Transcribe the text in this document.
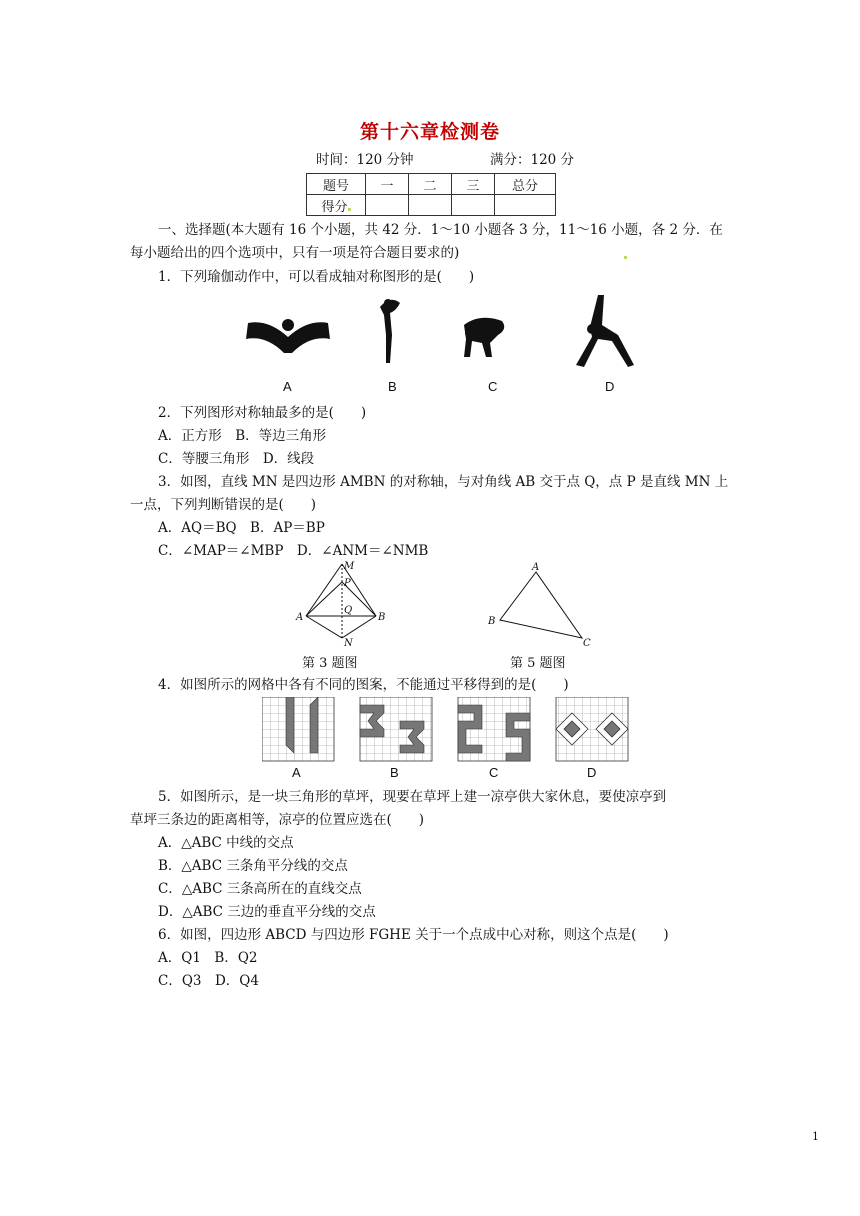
第十六章检测卷
时间：120 分钟	满分：120 分
题号	一	二	三	总分
得分				
一、选择题(本大题有 16 个小题，共 42 分．1～10 小题各 3 分，11～16 小题，各 2 分．在
每小题给出的四个选项中，只有一项是符合题目要求的)
1．下列瑜伽动作中，可以看成轴对称图形的是(　　)
A	B	C	D
2．下列图形对称轴最多的是(　　)
A．正方形　B．等边三角形
C．等腰三角形　D．线段
3．如图，直线 MN 是四边形 AMBN 的对称轴，与对角线 AB 交于点 Q，点 P 是直线 MN 上
一点，下列判断错误的是(　　)
A．AQ＝BQ　B．AP＝BP
C．∠MAP＝∠MBP　D．∠ANM＝∠NMB
M
P
Q
A	B
N
第 3 题图
A
B
C
第 5 题图
4．如图所示的网格中各有不同的图案，不能通过平移得到的是(　　)
A	B	C	D
5．如图所示，是一块三角形的草坪，现要在草坪上建一凉亭供大家休息，要使凉亭到
草坪三条边的距离相等，凉亭的位置应选在(　　)
A．△ABC 中线的交点
B．△ABC 三条角平分线的交点
C．△ABC 三条高所在的直线交点
D．△ABC 三边的垂直平分线的交点
6．如图，四边形 ABCD 与四边形 FGHE 关于一个点成中心对称，则这个点是(　　)
A．Q1　B．Q2
C．Q3　D．Q4
1
